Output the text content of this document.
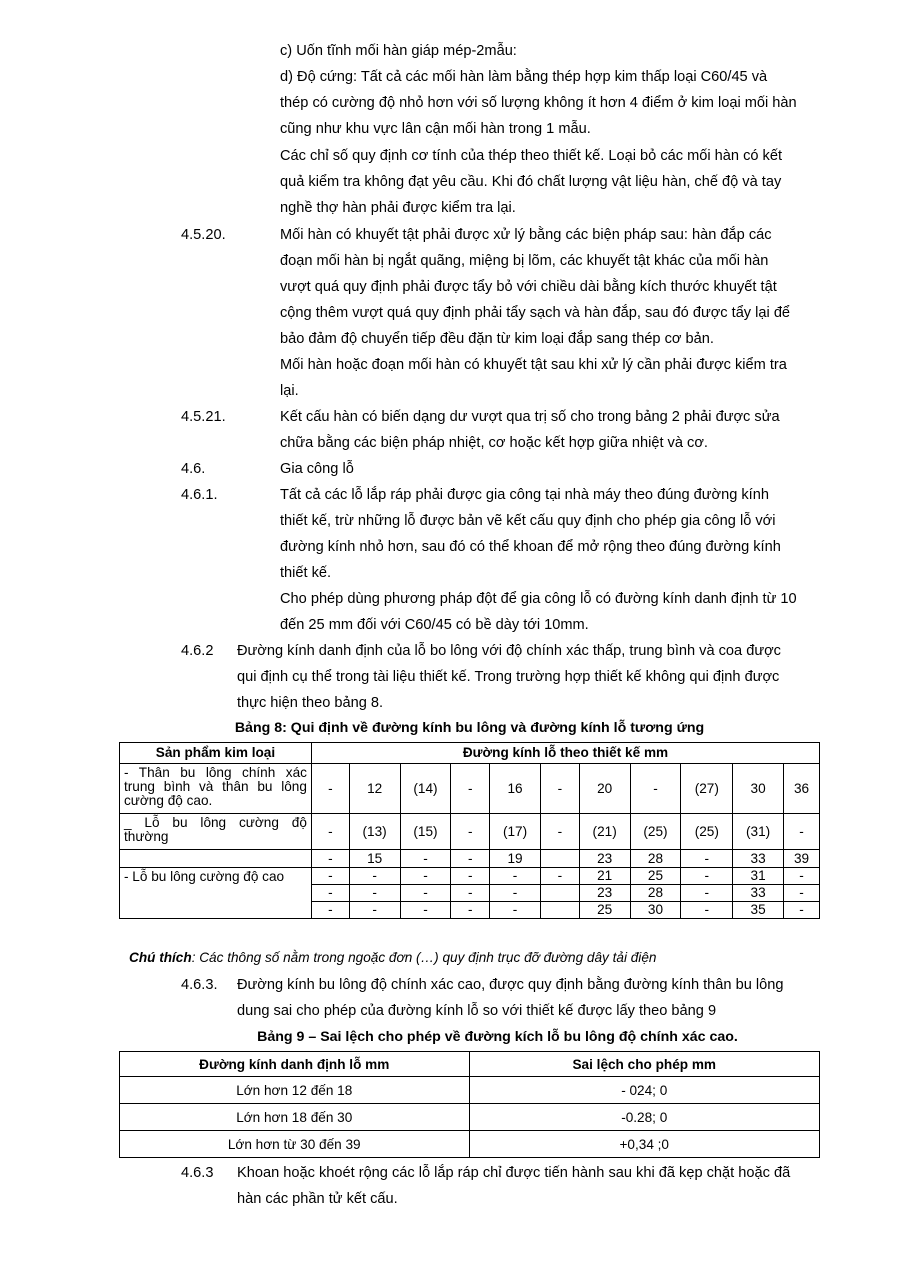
c) Uốn tĩnh mối hàn giáp mép-2mẫu:

d) Độ cứng: Tất cả các mối hàn làm bằng thép hợp kim thấp loại C60/45 và
thép có cường độ nhỏ hơn với số lượng không ít hơn 4 điểm ở kim loại mối hàn
cũng như khu vực lân cận mối hàn trong 1 mẫu.
Các chỉ số quy định cơ tính của thép theo thiết kế. Loại bỏ các mối hàn có kết
quả kiểm tra không đạt yêu cầu. Khi đó chất lượng vật liệu hàn, chế độ và tay
nghề thợ hàn phải được kiểm tra lại.

4.5.20.	Mối hàn có khuyết tật phải được xử lý bằng các biện pháp sau: hàn đắp các
đoạn mối hàn bị ngắt quãng, miệng bị lõm, các khuyết tật khác của mối hàn
vượt quá quy định phải được tẩy bỏ với chiều dài bằng kích thước khuyết tật
cộng thêm vượt quá quy định phải tẩy sạch và hàn đắp, sau đó được tẩy lại để
bảo đảm độ chuyển tiếp đều đặn từ kim loại đắp sang thép cơ bản.
Mối hàn hoặc đoạn mối hàn có khuyết tật sau khi xử lý cần phải được kiểm tra
lại.

4.5.21.	Kết cấu hàn có biến dạng dư vượt qua trị số cho trong bảng 2 phải được sửa
chữa bằng các biện pháp nhiệt, cơ hoặc kết hợp giữa nhiệt và cơ.

4.6.	Gia công lỗ

4.6.1.	Tất cả các lỗ lắp ráp phải được gia công tại nhà máy theo đúng đường kính
thiết kế, trừ những lỗ được bản vẽ kết cấu quy định cho phép gia công lỗ với
đường kính nhỏ hơn, sau đó có thể khoan để mở rộng theo đúng đường kính
thiết kế.
Cho phép dùng phương pháp đột để gia công lỗ có đường kính danh định từ 10
đến 25 mm đối với C60/45 có bề dày tới 10mm.

4.6.2 Đường kính danh định của lỗ bo lông với độ chính xác thấp, trung bình và coa được
qui định cụ thể trong tài liệu thiết kế. Trong trường hợp thiết kế không qui định được
thực hiện theo bảng 8.
Bảng 8: Qui định về đường kính bu lông và đường kính lỗ tương ứng
Sản phẩm kim loại	Đường kính lỗ theo thiết kế mm										
- Thân bu lông chính xác trung bình và thân bu lông cường độ cao.	-	12	(14)	-	16	-	20	-	(27)	30	36
_ Lỗ bu lông cường độ thường	-	(13)	(15)	-	(17)	-	(21)	(25)	(25)	(31)	-
	-	15	-	-	19		23	28	-	33	39
- Lỗ bu lông cường độ cao	-	-	-	-	-	-	21	25	-	31	-
	-	-	-	-	-		23	28	-	33	-
	-	-	-	-	-		25	30	-	35	-
Chú thích: Các thông số nằm trong ngoặc đơn (…) quy định trục đỡ đường dây tải điện

4.6.3. Đường kính bu lông độ chính xác cao, được quy định bằng đường kính thân bu lông
dung sai cho phép của đường kính lỗ so với thiết kế được lấy theo bảng 9
Bảng 9 – Sai lệch cho phép về đường kích lỗ bu lông độ chính xác cao.
Đường kính danh định lỗ mm	Sai lệch cho phép mm
Lớn hơn 12 đến 18	- 024; 0
Lớn hơn 18 đến 30	-0.28; 0
Lớn hơn từ 30 đến 39	+0,34 ;0

4.6.3 Khoan hoặc khoét rộng các lỗ lắp ráp chỉ được tiến hành sau khi đã kẹp chặt hoặc đã
hàn các phần tử kết cấu.
